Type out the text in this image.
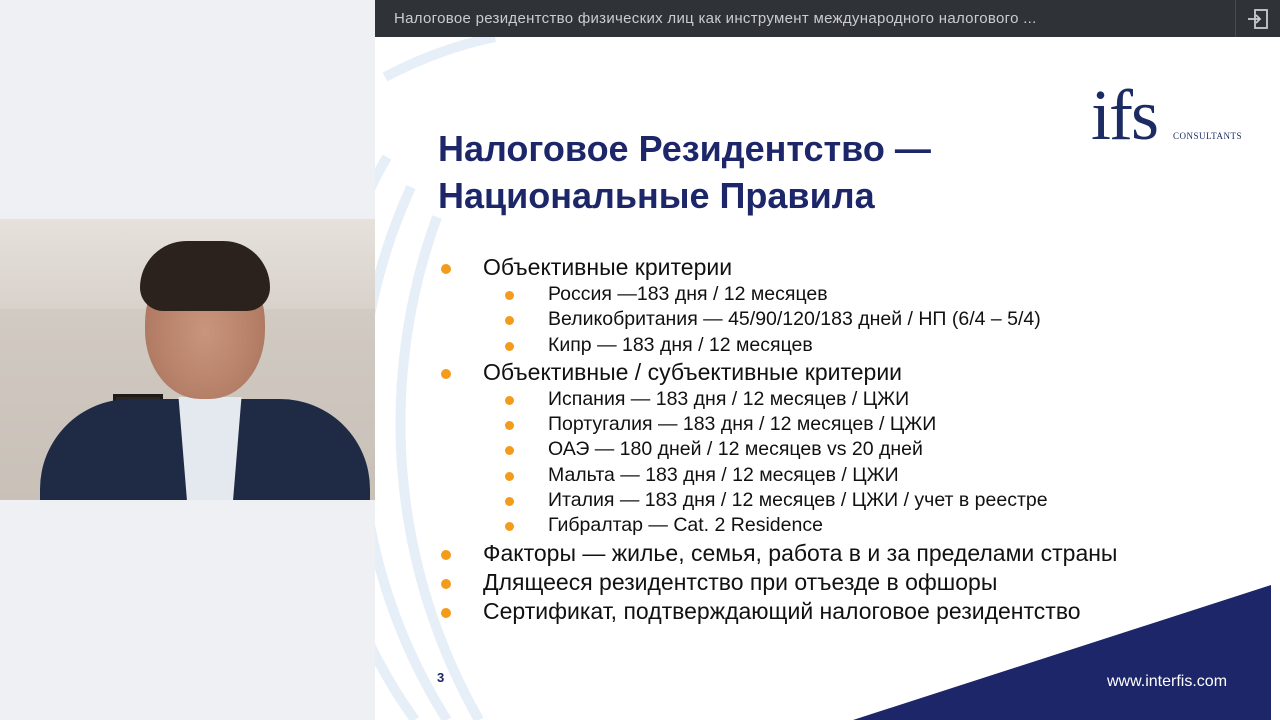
Налоговое резидентство физических лиц как инструмент международного налогового ...
ifs CONSULTANTS
Налоговое Резидентство —
Национальные Правила
Объективные критерии
Россия —183 дня / 12 месяцев
Великобритания — 45/90/120/183 дней / НП (6/4 – 5/4)
Кипр — 183 дня / 12 месяцев
Объективные / субъективные критерии
Испания — 183 дня / 12 месяцев / ЦЖИ
Португалия — 183 дня / 12 месяцев / ЦЖИ
ОАЭ — 180 дней / 12 месяцев vs 20 дней
Мальта — 183 дня / 12 месяцев / ЦЖИ
Италия — 183 дня / 12 месяцев / ЦЖИ / учет в реестре
Гибралтар — Cat. 2 Residence
Факторы — жилье, семья, работа в и за пределами страны
Длящееся резидентство при отъезде в офшоры
Сертификат, подтверждающий налоговое резидентство
3	www.interfis.com
